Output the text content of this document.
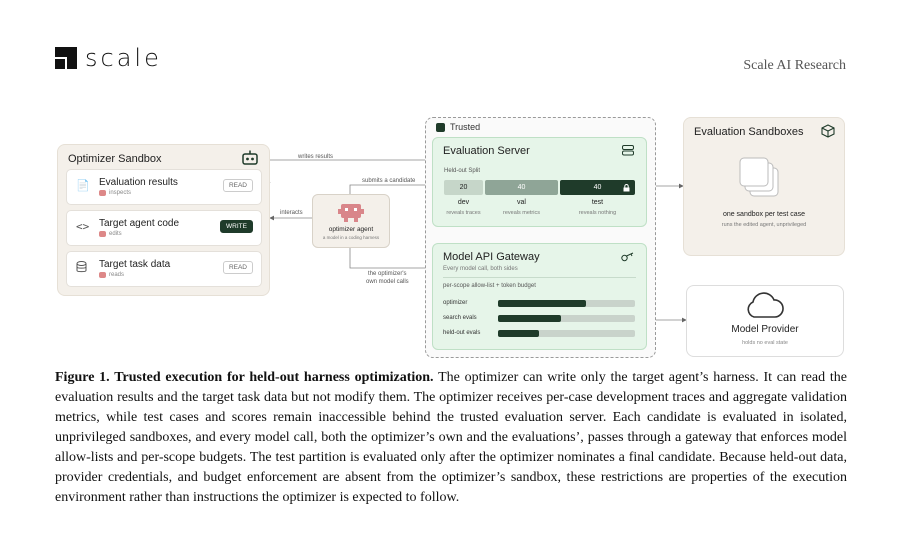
scale	Scale AI Research
writes results
submits a candidate
interacts
the optimizer's
own model calls
Optimizer Sandbox
📄 Evaluation results
inspects
READ
<> Target agent code
edits
WRITE
Target task data
reads
READ
optimizer agent
a model in a coding harness
Trusted
Evaluation Server
Held-out Split
20	40	40
dev	val	test
reveals traces	reveals metrics	reveals nothing
Model API Gateway
Every model call, both sides
per-scope allow-list + token budget
optimizer
search evals
held-out evals
Evaluation Sandboxes
one sandbox per test case
runs the edited agent, unprivileged
Model Provider
holds no eval state
Figure 1. Trusted execution for held-out harness optimization. The optimizer can write only the target agent’s harness. It can read the evaluation results and the target task data but not modify them. The optimizer receives per-case development traces and aggregate validation metrics, while test cases and scores remain inaccessible behind the trusted evaluation server. Each candidate is evaluated in isolated, unprivileged sandboxes, and every model call, both the optimizer’s own and the evaluations’, passes through a gateway that enforces model allow-lists and per-scope budgets. The test partition is evaluated only after the optimizer nominates a final candidate. Because held-out data, provider credentials, and budget enforcement are absent from the optimizer’s sandbox, these restrictions are properties of the execution environment rather than instructions the optimizer is expected to follow.
